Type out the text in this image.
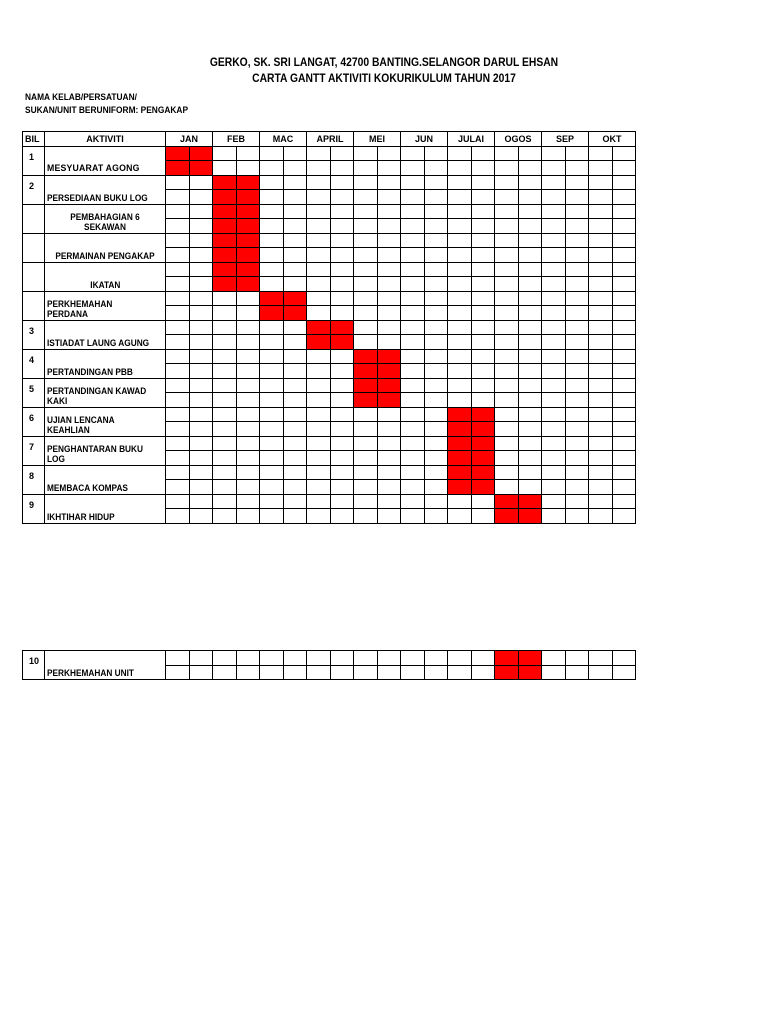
GERKO, SK. SRI LANGAT, 42700 BANTING.SELANGOR DARUL EHSAN
CARTA GANTT AKTIVITI KOKURIKULUM TAHUN 2017
NAMA KELAB/PERSATUAN/
SUKAN/UNIT BERUNIFORM: PENGAKAP
BIL	AKTIVITI	JAN		FEB		MAC		APRIL		MEI		JUN		JULAI		OGOS		SEP		OKT	
1	MESYUARAT AGONG																				

2	PERSEDIAAN BUKU LOG																				

	PEMBAHAGIAN 6 SEKAWAN																				

	PERMAINAN PENGAKAP																				

	IKATAN																				

	PERKHEMAHAN PERDANA																				

3	ISTIADAT LAUNG AGUNG																				

4	PERTANDINGAN PBB																				

5	PERTANDINGAN KAWAD KAKI																				

6	UJIAN LENCANA KEAHLIAN																				

7	PENGHANTARAN BUKU LOG																				

8	MEMBACA KOMPAS																				

9	IKHTIHAR HIDUP																				

10	PERKHEMAHAN UNIT																				
